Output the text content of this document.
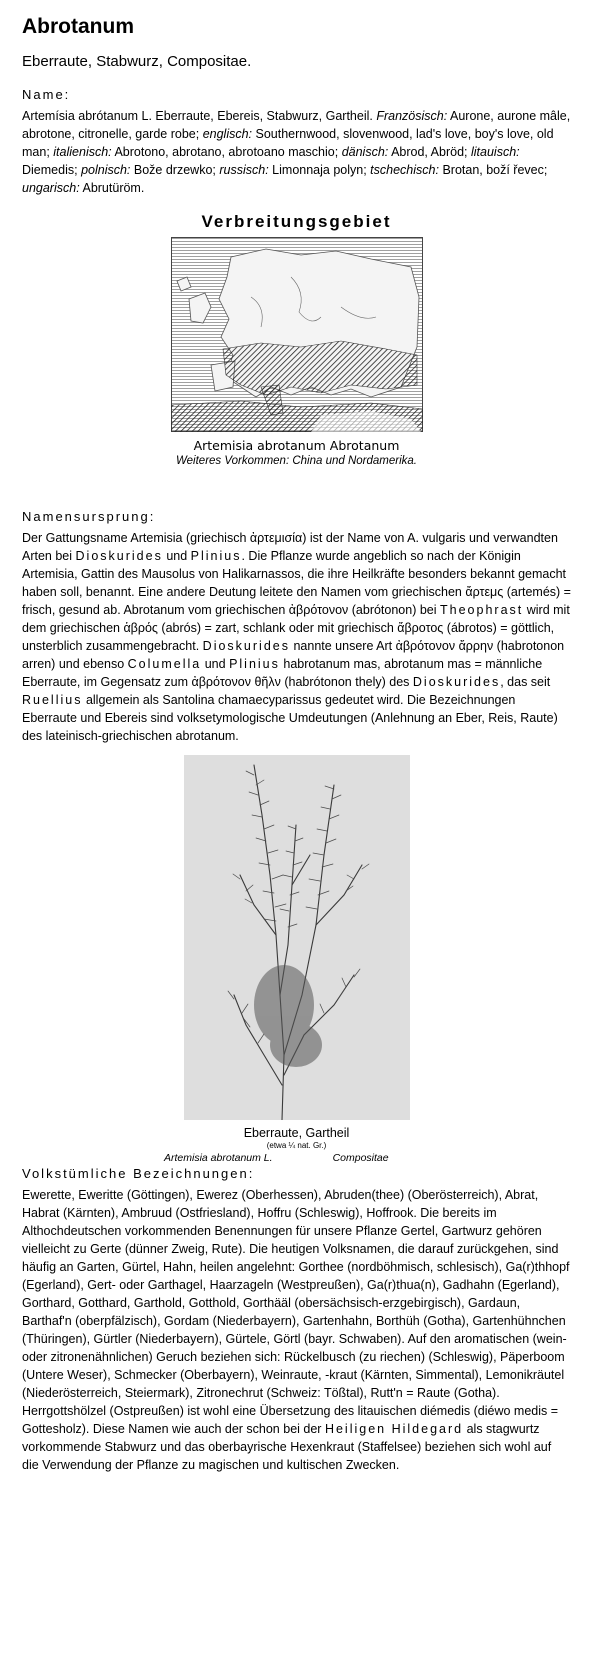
Abrotanum
Eberraute, Stabwurz, Compositae.
Name:

Artemísia abrótanum L. Eberraute, Ebereis, Stabwurz, Gartheil. Französisch: Aurone, aurone mâle, abrotone, citronelle, garde robe; englisch: Southernwood, slovenwood, lad's love, boy's love, old man; italienisch: Abrotono, abrotano, abrotoano maschio; dänisch: Abrod, Abröd; litauisch: Diemedis; polnisch: Bože drzewko; russisch: Limonnaja polyn; tschechisch: Brotan, boží řevec; ungarisch: Abrutüröm.

Verbreitungsgebiet
Artemisia abrotanum Abrotanum
Weiteres Vorkommen: China und Nordamerika.
Namensursprung:

Der Gattungsname Artemisia (griechisch ἀρτεμισία) ist der Name von A. vulgaris und verwandten Arten bei Dioskurides und Plinius. Die Pflanze wurde angeblich so nach der Königin Artemisia, Gattin des Mausolus von Halikarnassos, die ihre Heilkräfte besonders bekannt gemacht haben soll, benannt. Eine andere Deutung leitete den Namen vom griechischen ἄρτεμς (artemés) = frisch, gesund ab. Abrotanum vom griechischen ἀβρότονον (abrótonon) bei Theophrast wird mit dem griechischen ἁβρός (abrós) = zart, schlank oder mit griechisch ἄβροτος (ábrotos) = göttlich, unsterblich zusammengebracht. Dioskurides nannte unsere Art ἀβρότονον ἄρρην (habrotonon arren) und ebenso Columella und Plinius habrotanum mas, abrotanum mas = männliche Eberraute, im Gegensatz zum ἀβρότονον θῆλν (habrótonon thely) des Dioskurides, das seit Ruellius allgemein als Santolina chamaecyparissus gedeutet wird. Die Bezeichnungen Eberraute und Ebereis sind volksetymologische Umdeutungen (Anlehnung an Eber, Reis, Raute) des lateinisch-griechischen abrotanum.

Eberraute, Gartheil
(etwa ¼ nat. Gr.)
Artemisia abrotanum L.	Compositae
Volkstümliche Bezeichnungen:

Ewerette, Eweritte (Göttingen), Ewerez (Oberhessen), Abruden(thee) (Oberösterreich), Abrat, Habrat (Kärnten), Ambruud (Ostfriesland), Hoffru (Schleswig), Hoffrook. Die bereits im Althochdeutschen vorkommenden Benennungen für unsere Pflanze Gertel, Gartwurz gehören vielleicht zu Gerte (dünner Zweig, Rute). Die heutigen Volksnamen, die darauf zurückgehen, sind häufig an Garten, Gürtel, Hahn, heilen angelehnt: Gorthee (nordböhmisch, schlesisch), Ga(r)thhopf (Egerland), Gert- oder Garthagel, Haarzageln (Westpreußen), Ga(r)thua(n), Gadhahn (Egerland), Gorthard, Gotthard, Garthold, Gotthold, Gorthääl (obersächsisch-erzgebirgisch), Gardaun, Barthaf'n (oberpfälzisch), Gordam (Niederbayern), Gartenhahn, Borthüh (Gotha), Gartenhühnchen (Thüringen), Gürtler (Niederbayern), Gürtele, Görtl (bayr. Schwaben). Auf den aromatischen (wein- oder zitronenähnlichen) Geruch beziehen sich: Rückelbusch (zu riechen) (Schleswig), Päperboom (Untere Weser), Schmecker (Oberbayern), Weinraute, -kraut (Kärnten, Simmental), Lemonikräutel (Niederösterreich, Steiermark), Zitronechrut (Schweiz: Tößtal), Rutt'n = Raute (Gotha). Herrgottshölzel (Ostpreußen) ist wohl eine Übersetzung des litauischen diémedis (diéwo medis = Gottesholz). Diese Namen wie auch der schon bei der Heiligen Hildegard als stagwurtz vorkommende Stabwurz und das oberbayrische Hexenkraut (Staffelsee) beziehen sich wohl auf die Verwendung der Pflanze zu magischen und kultischen Zwecken.
